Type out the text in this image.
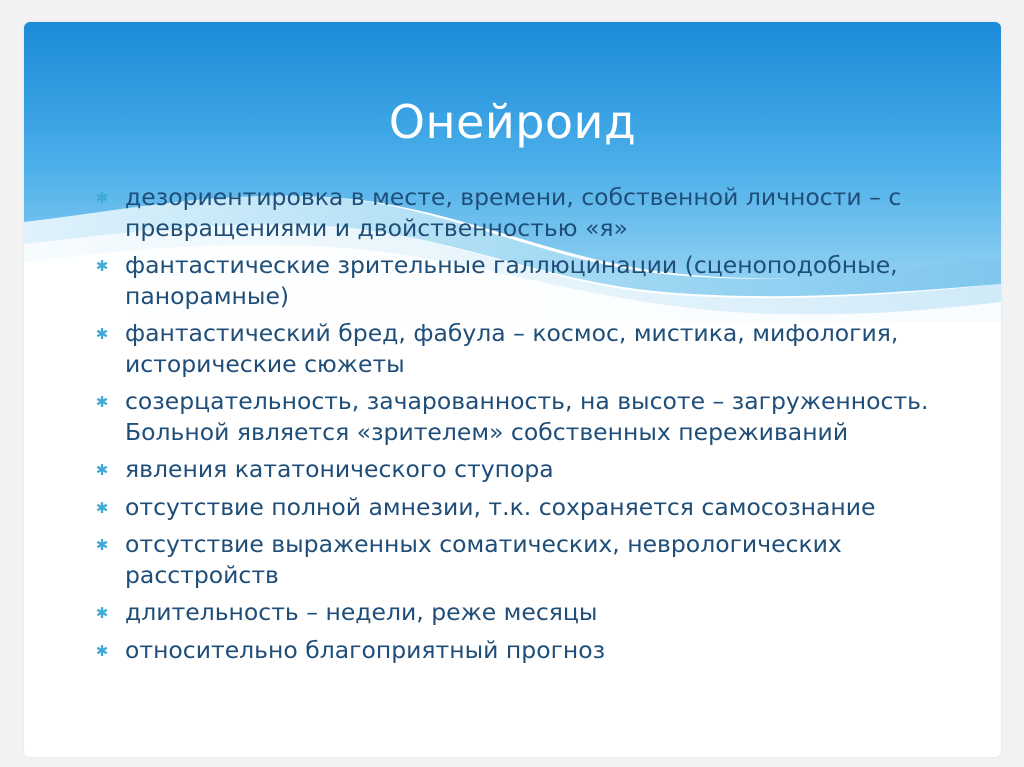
Онейроид
✱ дезориентировка в месте, времени, собственной личности – с превращениями и двойственностью «я»
✱ фантастические зрительные галлюцинации (сценоподобные, панорамные)
✱ фантастический бред, фабула – космос, мистика, мифология, исторические сюжеты
✱ созерцательность, зачарованность, на высоте – загруженность. Больной является «зрителем» собственных переживаний
✱ явления кататонического ступора
✱ отсутствие полной амнезии, т.к. сохраняется самосознание
✱ отсутствие выраженных соматических, неврологических расстройств
✱ длительность – недели, реже месяцы
✱ относительно благоприятный прогноз
